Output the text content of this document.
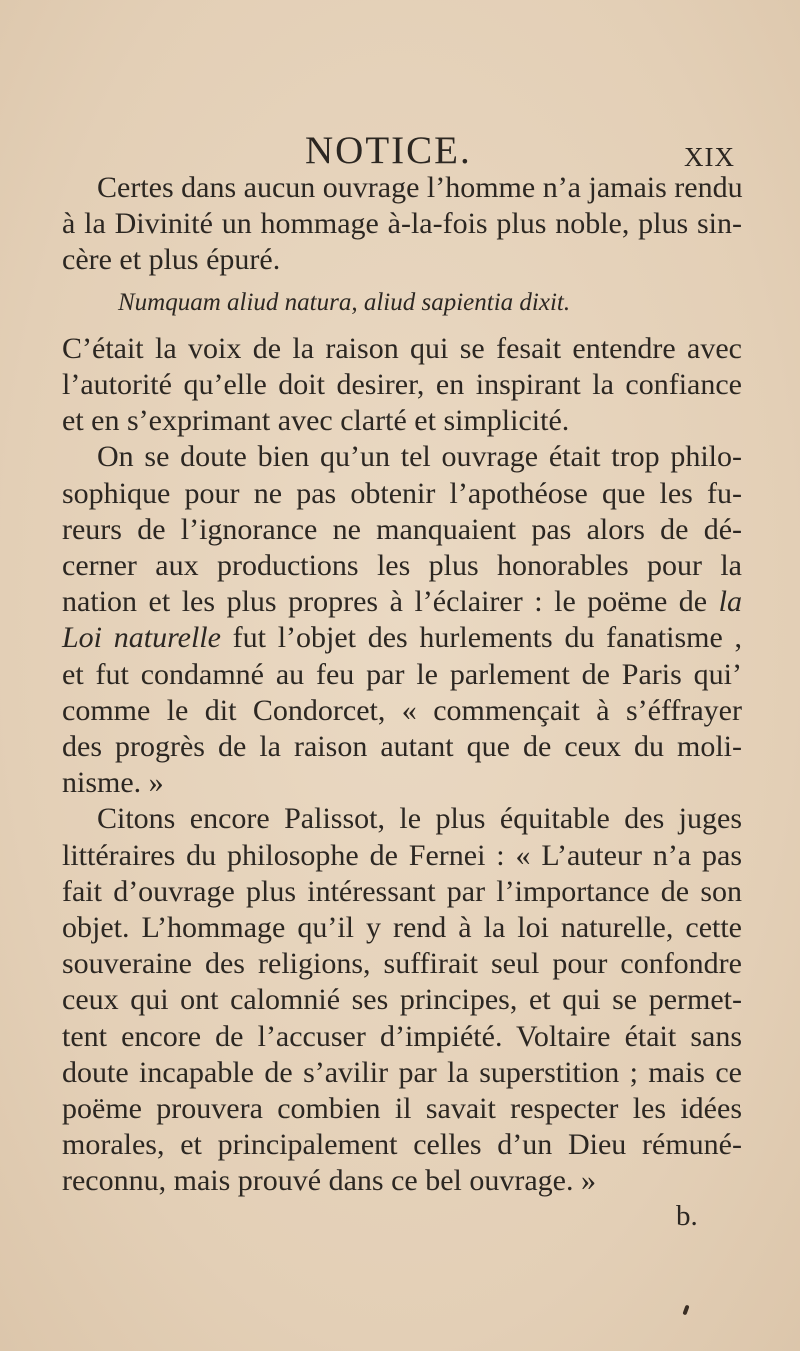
NOTICE.	XIX
Certes dans aucun ouvrage l’homme n’a jamais rendu
à la Divinité un hommage à-la-fois plus noble, plus sin-
cère et plus épuré.
Numquam aliud natura, aliud sapientia dixit.
C’était la voix de la raison qui se fesait entendre avec
l’autorité qu’elle doit desirer, en inspirant la confiance
et en s’exprimant avec clarté et simplicité.
On se doute bien qu’un tel ouvrage était trop philo-
sophique pour ne pas obtenir l’apothéose que les fu-
reurs de l’ignorance ne manquaient pas alors de dé-
cerner aux productions les plus honorables pour la
nation et les plus propres à l’éclairer : le poëme de la
Loi naturelle fut l’objet des hurlements du fanatisme ,
et fut condamné au feu par le parlement de Paris qui’
comme le dit Condorcet, « commençait à s’éffrayer
des progrès de la raison autant que de ceux du moli-
nisme. »
Citons encore Palissot, le plus équitable des juges
littéraires du philosophe de Fernei : « L’auteur n’a pas
fait d’ouvrage plus intéressant par l’importance de son
objet. L’hommage qu’il y rend à la loi naturelle, cette
souveraine des religions, suffirait seul pour confondre
ceux qui ont calomnié ses principes, et qui se permet-
tent encore de l’accuser d’impiété. Voltaire était sans
doute incapable de s’avilir par la superstition ; mais ce
poëme prouvera combien il savait respecter les idées
morales, et principalement celles d’un Dieu rémuné-
reconnu, mais prouvé dans ce bel ouvrage. »
b.
